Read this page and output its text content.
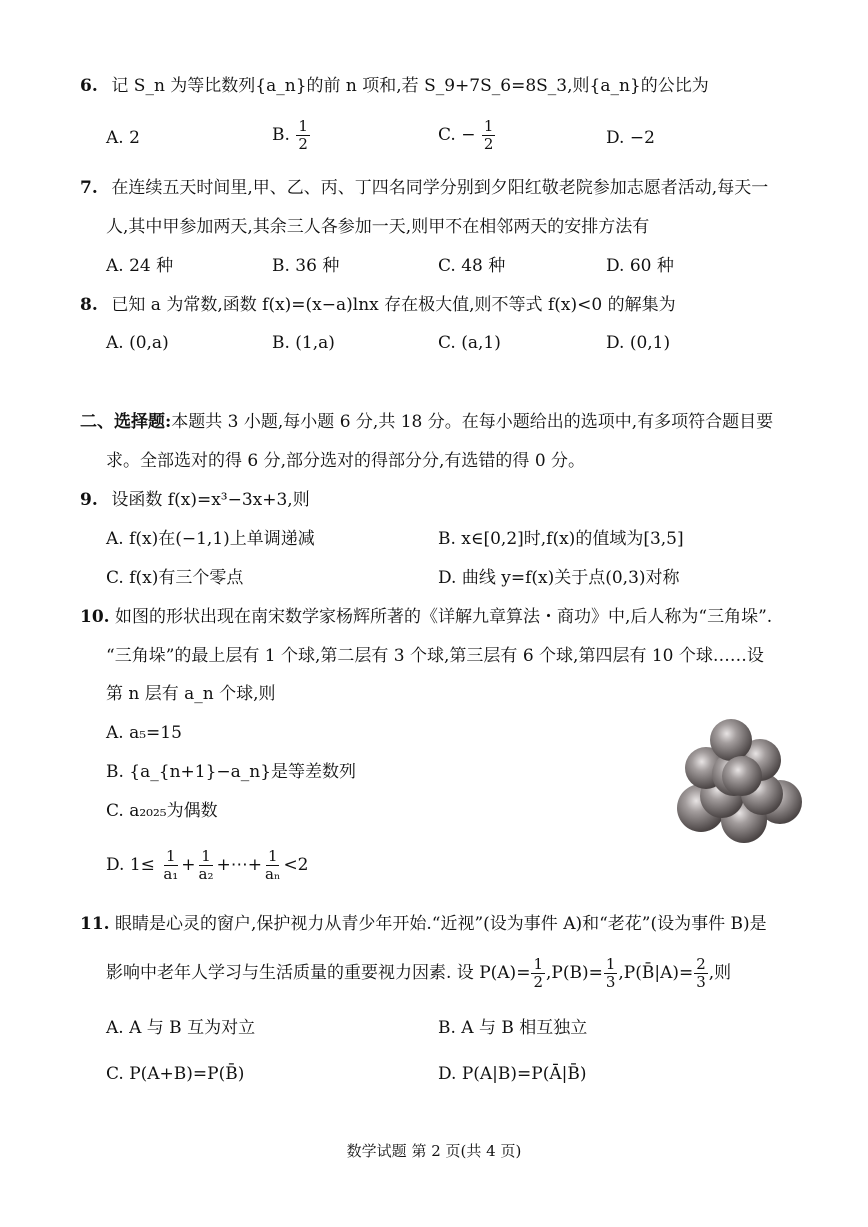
6. 记 S_n 为等比数列{a_n}的前 n 项和,若 S_9+7S_6=8S_3,则{a_n}的公比为
A. 2	B. $\frac{1}{2}$	C. − $\frac{1}{2}$	D. −2
7. 在连续五天时间里,甲、乙、丙、丁四名同学分别到夕阳红敬老院参加志愿者活动,每天一
人,其中甲参加两天,其余三人各参加一天,则甲不在相邻两天的安排方法有
A. 24 种	B. 36 种	C. 48 种	D. 60 种
8. 已知 a 为常数,函数 f(x)=(x−a)lnx 存在极大值,则不等式 f(x)<0 的解集为
A. (0,a)	B. (1,a)	C. (a,1)	D. (0,1)
二、选择题:本题共 3 小题,每小题 6 分,共 18 分。在每小题给出的选项中,有多项符合题目要
求。全部选对的得 6 分,部分选对的得部分分,有选错的得 0 分。
9. 设函数 f(x)=x³−3x+3,则
A. f(x)在(−1,1)上单调递减	B. x∈[0,2]时,f(x)的值域为[3,5]
C. f(x)有三个零点	D. 曲线 y=f(x)关于点(0,3)对称
10. 如图的形状出现在南宋数学家杨辉所著的《详解九章算法・商功》中,后人称为“三角垛”.
“三角垛”的最上层有 1 个球,第二层有 3 个球,第三层有 6 个球,第四层有 10 个球……设
第 n 层有 a_n 个球,则
A. a₅=15
B. {a_{n+1}−a_n}是等差数列
C. a₂₀₂₅为偶数
D. $1\le \frac{1}{\text{a₁}} + \frac{1}{\text{a₂}}$ +⋯+ $\frac{1}{\text{aₙ}} <2$
11. 眼睛是心灵的窗户,保护视力从青少年开始.“近视”(设为事件 A)和“老花”(设为事件 B)是
影响中老年人学习与生活质量的重要视力因素. 设 $P(A)= \frac{1}{2} ,P(B)= \frac{1}{3}$ ,P(B̄|A)= $\frac{2}{3}$ ,则
A. A 与 B 互为对立	B. A 与 B 相互独立
C. P(A+B)=P(B̄)	D. P(A|B)=P(Ā|B̄)
数学试题 第 2 页(共 4 页)
